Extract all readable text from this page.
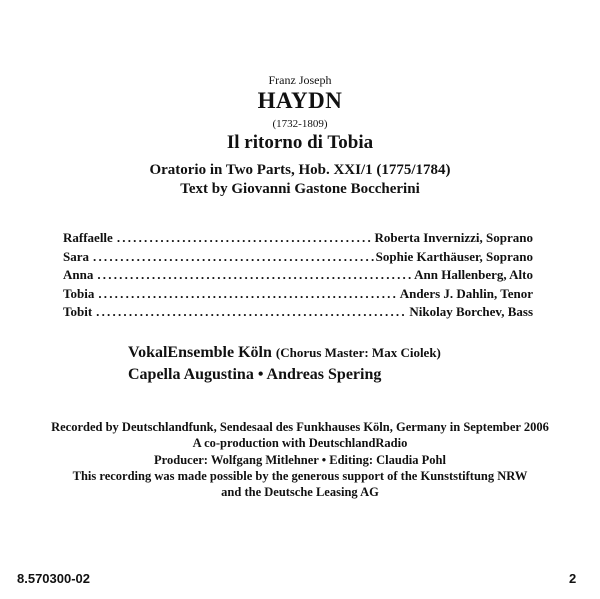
Franz Joseph
HAYDN
(1732-1809)
Il ritorno di Tobia
Oratorio in Two Parts, Hob. XXI/1 (1775/1784)
Text by Giovanni Gastone Boccherini
Raffaelle .....	Roberta Invernizzi, Soprano
Sara .....	Sophie Karthäuser, Soprano
Anna .....	Ann Hallenberg, Alto
Tobia .....	Anders J. Dahlin, Tenor
Tobit .....	Nikolay Borchev, Bass
VokalEnsemble Köln (Chorus Master: Max Ciolek)
Capella Augustina • Andreas Spering
Recorded by Deutschlandfunk, Sendesaal des Funkhauses Köln, Germany in September 2006
A co-production with DeutschlandRadio
Producer: Wolfgang Mitlehner • Editing: Claudia Pohl
This recording was made possible by the generous support of the Kunststiftung NRW
and the Deutsche Leasing AG
8.570300-02	2
